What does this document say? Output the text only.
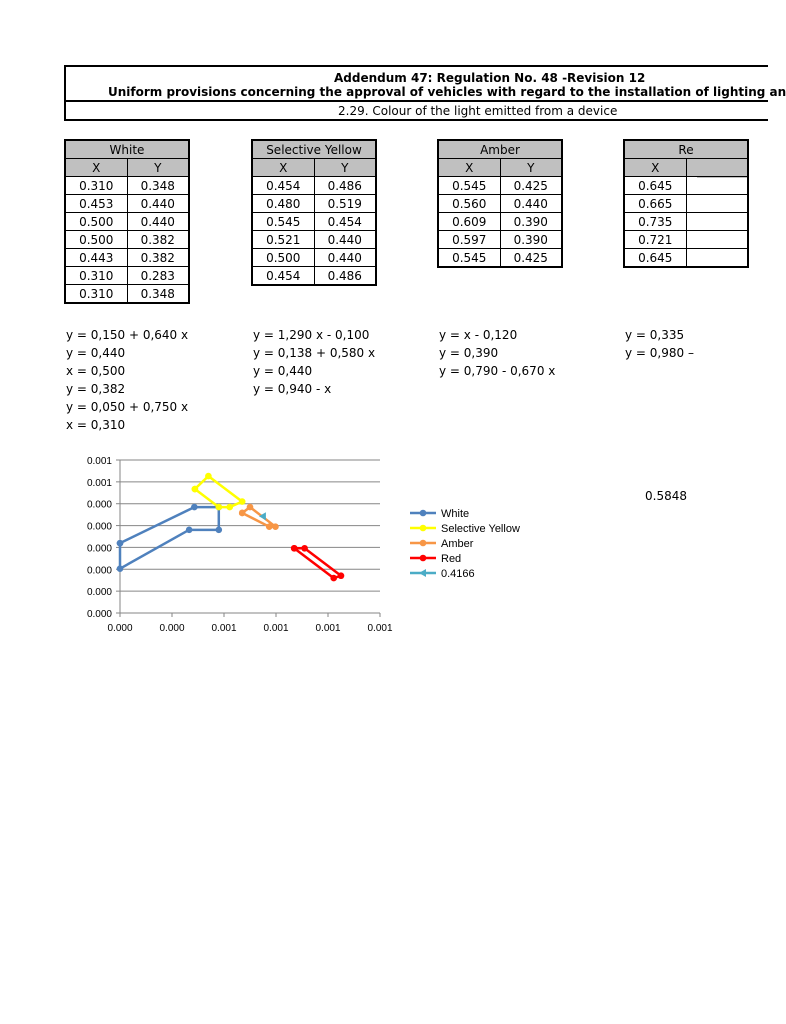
Addendum 47: Regulation No. 48 -Revision 12
Uniform provisions concerning the approval of vehicles with regard to the installation of lighting an
2.29. Colour of the light emitted from a device
White	
X	Y
0.310	0.348
0.453	0.440
0.500	0.440
0.500	0.382
0.443	0.382
0.310	0.283
0.310	0.348
Selective Yellow	
X	Y
0.454	0.486
0.480	0.519
0.545	0.454
0.521	0.440
0.500	0.440
0.454	0.486
Amber	
X	Y
0.545	0.425
0.560	0.440
0.609	0.390
0.597	0.390
0.545	0.425
Re	
X	
0.645	
0.665	
0.735	
0.721	
0.645	
y = 0,150 + 0,640 x
y = 0,440
x = 0,500
y = 0,382
y = 0,050 + 0,750 x
x = 0,310
y = 1,290 x - 0,100
y = 0,138 + 0,580 x
y = 0,440
y = 0,940 - x
y = x - 0,120
y = 0,390
y = 0,790 - 0,670 x
y = 0,335
y = 0,980 –
0.5848
0.001
0.001
0.000
0.000
0.000
0.000
0.000
0.000
0.000	0.000	0.001	0.001	0.001	0.001
White
Selective Yellow
Amber
Red
0.4166
